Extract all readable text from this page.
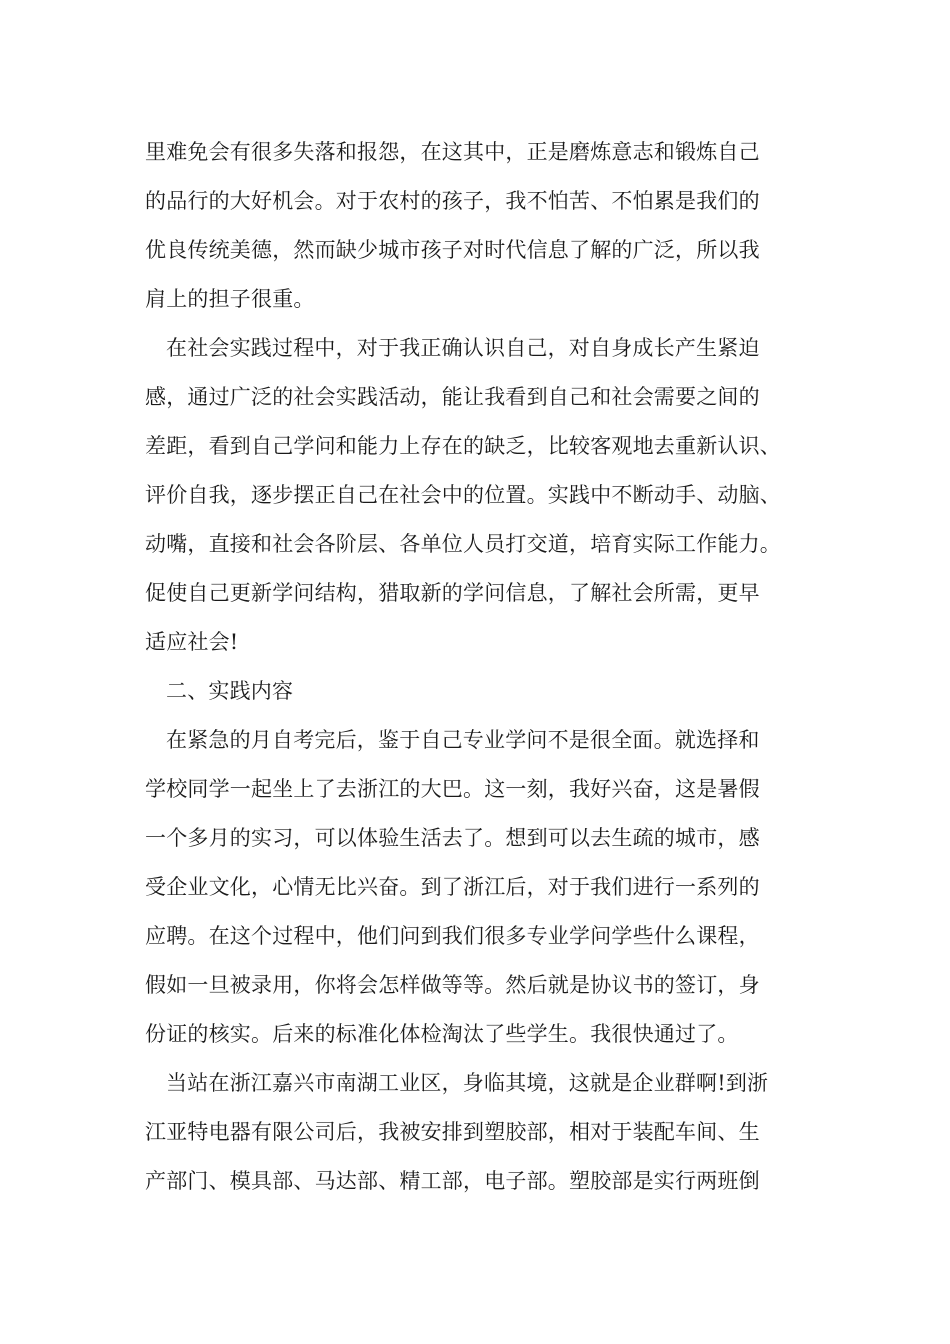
里难免会有很多失落和报怨，在这其中，正是磨炼意志和锻炼自己
的品行的大好机会。对于农村的孩子，我不怕苦、不怕累是我们的
优良传统美德，然而缺少城市孩子对时代信息了解的广泛，所以我
肩上的担子很重。
在社会实践过程中，对于我正确认识自己，对自身成长产生紧迫
感，通过广泛的社会实践活动，能让我看到自己和社会需要之间的
差距，看到自己学问和能力上存在的缺乏，比较客观地去重新认识、
评价自我，逐步摆正自己在社会中的位置。实践中不断动手、动脑、
动嘴，直接和社会各阶层、各单位人员打交道，培育实际工作能力。
促使自己更新学问结构，猎取新的学问信息，了解社会所需，更早
适应社会!
二、实践内容
在紧急的月自考完后，鉴于自己专业学问不是很全面。就选择和
学校同学一起坐上了去浙江的大巴。这一刻，我好兴奋，这是暑假
一个多月的实习，可以体验生活去了。想到可以去生疏的城市，感
受企业文化，心情无比兴奋。到了浙江后，对于我们进行一系列的
应聘。在这个过程中，他们问到我们很多专业学问学些什么课程，
假如一旦被录用，你将会怎样做等等。然后就是协议书的签订，身
份证的核实。后来的标准化体检淘汰了些学生。我很快通过了。
当站在浙江嘉兴市南湖工业区，身临其境，这就是企业群啊!到浙
江亚特电器有限公司后，我被安排到塑胶部，相对于装配车间、生
产部门、模具部、马达部、精工部，电子部。塑胶部是实行两班倒
